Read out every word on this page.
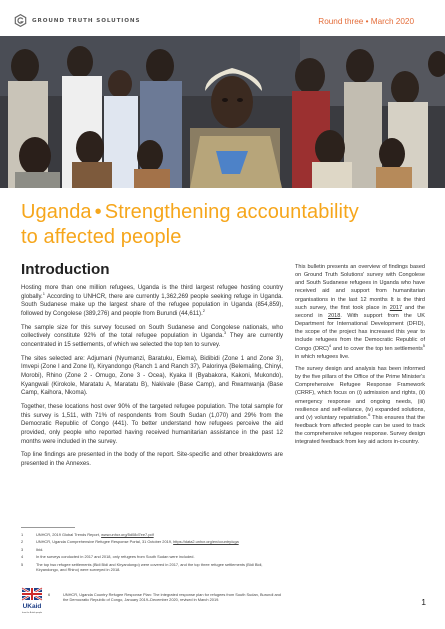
GROUND TRUTH SOLUTIONS	Round three • March 2020
Uganda • Strengthening accountability
to affected people
Introduction

Hosting more than one million refugees, Uganda is the third largest refugee hosting country globally.$^1$ According to UNHCR, there are currently 1,362,269 people seeking refuge in Uganda. South Sudanese make up the largest share of the refugee population in Uganda (854,859), followed by Congolese (389,276) and people from Burundi (44,611).$^2$

The sample size for this survey focused on South Sudanese and Congolese nationals, who collectively constitute 92% of the total refugee population in Uganda.$^3$ They are currently concentrated in 15 settlements, of which we selected the top ten to survey.

The sites selected are: Adjumani (Nyumanzi, Baratuku, Elema), Bidibidi (Zone 1 and Zone 3), Imvepi (Zone I and Zone II), Kiryandongo (Ranch 1 and Ranch 37), Palorinya (Belemaling, Chinyi, Morobi), Rhino (Zone 2 - Omugo, Zone 3 - Ocea), Kyaka II (Byabakora, Kakoni, Mukondo), Kyangwali (Kirokole, Maratatu A, Maratatu B), Nakivale (Base Camp), and Rwamwanja (Base Camp, Kaihora, Nkoma).

Together, these locations host over 90% of the targeted refugee population. The total sample for this survey is 1,511, with 71% of respondents from South Sudan (1,070) and 29% from the Democratic Republic of Congo (441). To better understand how refugees perceive the aid provided, only people who reported having received humanitarian assistance in the past 12 months were included in the survey.

Top line findings are presented in the body of the report. Site-specific and other breakdowns are presented in the Annexes.

This bulletin presents an overview of findings based on Ground Truth Solutions' survey with Congolese and South Sudanese refugees in Uganda who have received aid and support from humanitarian organisations in the last 12 months It is the third such survey, the first took place in 2017 and the second in 2018. With support from the UK Department for International Development (DFID), the scope of the project has increased this year to include refugees from the Democratic Republic of Congo (DRC)$^4$ and to cover the top ten settlements$^5$ in which refugees live.

The survey design and analysis has been informed by the five pillars of the Office of the Prime Minister's Comprehensive Refugee Response Framework (CRRF), which focus on (i) admission and rights, (ii) emergency response and ongoing needs, (iii) resilience and self-reliance, (iv) expanded solutions, and (v) voluntary repatriation.$^6$ This ensures that the feedback from affected people can be used to track the comprehensive refugee response. Survey design integrated feedback from key aid actors in-country.

1	UNHCR, 2019 Global Trends Report, www.unhcr.org/5d08d7ee7.pdf
2	UNHCR, Uganda Comprehensive Refugee Response Portal, 31 October 2019, https://data2.unhcr.org/en/country/uga
3	Ibid.
4	In the surveys conducted in 2017 and 2018, only refugees from South Sudan were included.
5	The top two refugee settlements (Bidi Bidi and Kiryandongo) were covered in 2017, and the top three refugee settlements (Bidi Bidi, Kiryandongo, and Rhino) were surveyed in 2018.
UKaid
from the British people
6	UNHCR, Uganda Country Refugee Response Plan: The integrated response plan for refugees from South Sudan, Burundi and the Democratic Republic of Congo, January 2019–December 2020, revised in March 2019.	1
